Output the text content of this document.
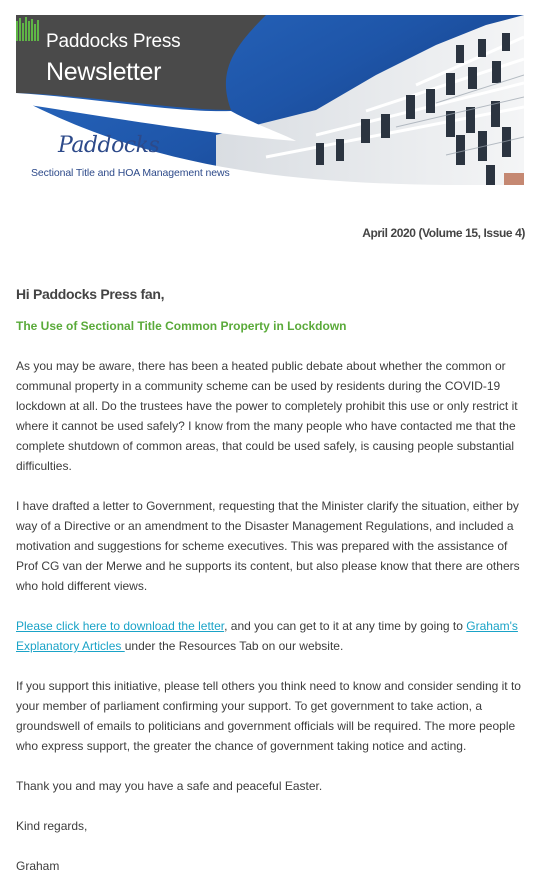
Paddocks Press
Newsletter
Paddocks
Sectional Title and HOA Management news
April 2020 (Volume 15, Issue 4)
Hi Paddocks Press fan,
The Use of Sectional Title Common Property in Lockdown

As you may be aware, there has been a heated public debate about whether the common or communal property in a community scheme can be used by residents during the COVID-19 lockdown at all. Do the trustees have the power to completely prohibit this use or only restrict it where it cannot be used safely? I know from the many people who have contacted me that the complete shutdown of common areas, that could be used safely, is causing people substantial difficulties.

I have drafted a letter to Government, requesting that the Minister clarify the situation, either by way of a Directive or an amendment to the Disaster Management Regulations, and included a motivation and suggestions for scheme executives. This was prepared with the assistance of Prof CG van der Merwe and he supports its content, but also please know that there are others who hold different views.

Please click here to download the letter, and you can get to it at any time by going to Graham's Explanatory Articles under the Resources Tab on our website.

If you support this initiative, please tell others you think need to know and consider sending it to your member of parliament confirming your support. To get government to take action, a groundswell of emails to politicians and government officials will be required. The more people who express support, the greater the chance of government taking notice and acting.

Thank you and may you have a safe and peaceful Easter.

Kind regards,

Graham
